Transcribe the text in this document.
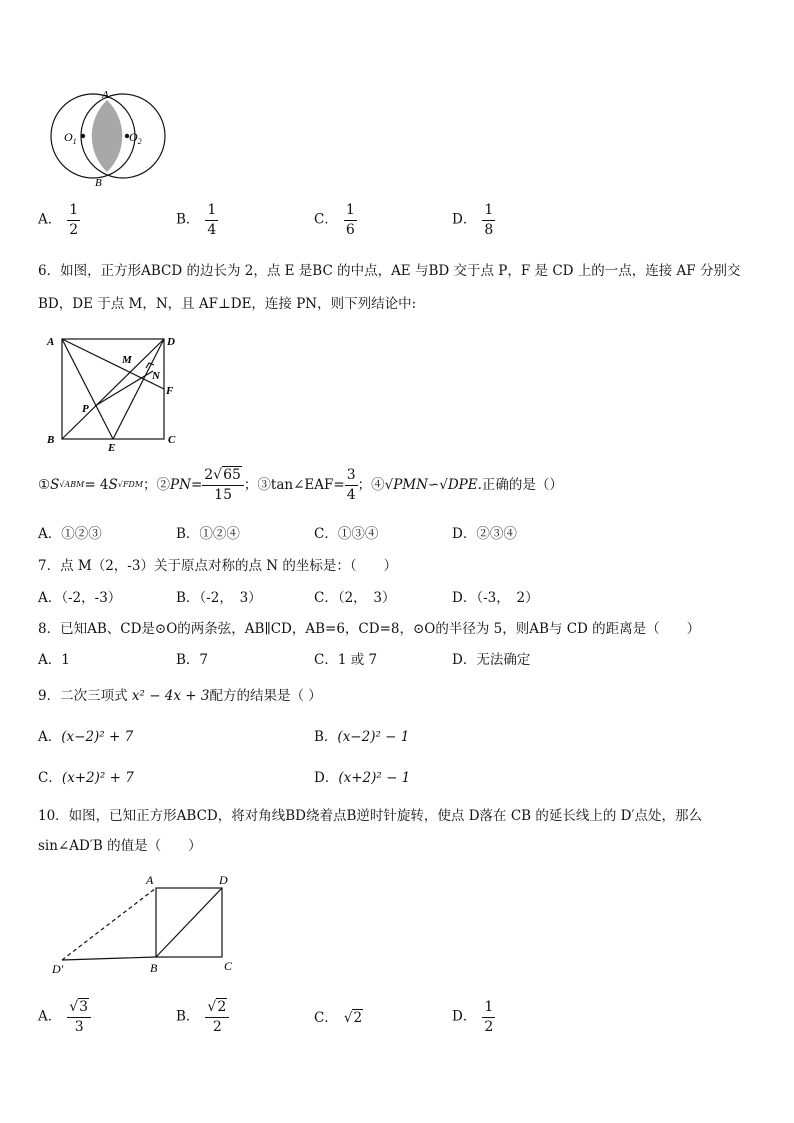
A
B
$O_1$	$O_2$
A． $\frac{1}{2}$	B． $\frac{1}{4}$	C． $\frac{1}{6}$	D． $\frac{1}{8}$
6．如图，正方形ABCD 的边长为 2，点 E 是BC 的中点，AE 与BD 交于点 P，F 是 CD 上的一点，连接 AF 分别交
BD，DE 于点 M，N，且 AF⊥DE，连接 PN，则下列结论中:
A	D
B	C
E
F
M
N
P
① S √ABM = 4 S √FDM ；② PN = $\frac{2√65}{15}$ ；③tan∠EAF= $\frac{3}{4}$ ；④ √PMN∽√DPE. 正确的是（）
A．①②③	B．①②④	C．①③④	D．②③④
7．点 M（2，-3）关于原点对称的点 N 的坐标是：（　　）
A．（-2，-3）	B．（-2，　3）	C．（2，　3）	D．（-3，　2）
8．已知AB、CD是⊙O的两条弦，AB∥CD，AB=6，CD=8，⊙O的半径为 5，则AB与 CD 的距离是（　　）
A．1	B．7	C．1 或 7	D．无法确定
9．二次三项式 x² − 4x + 3配方的结果是（ ）
A．(x−2)² + 7	B．(x−2)² − 1
C．(x+2)² + 7	D．(x+2)² − 1
10．如图，已知正方形ABCD，将对角线BD绕着点B逆时针旋转，使点 D落在 CB 的延长线上的 D′点处，那么
sin∠AD′B 的值是（　　）
A	D
B	C
D′
A． $\frac{√3}{3}$	B． $\frac{√2}{2}$	C． √2	D． $\frac{1}{2}$
